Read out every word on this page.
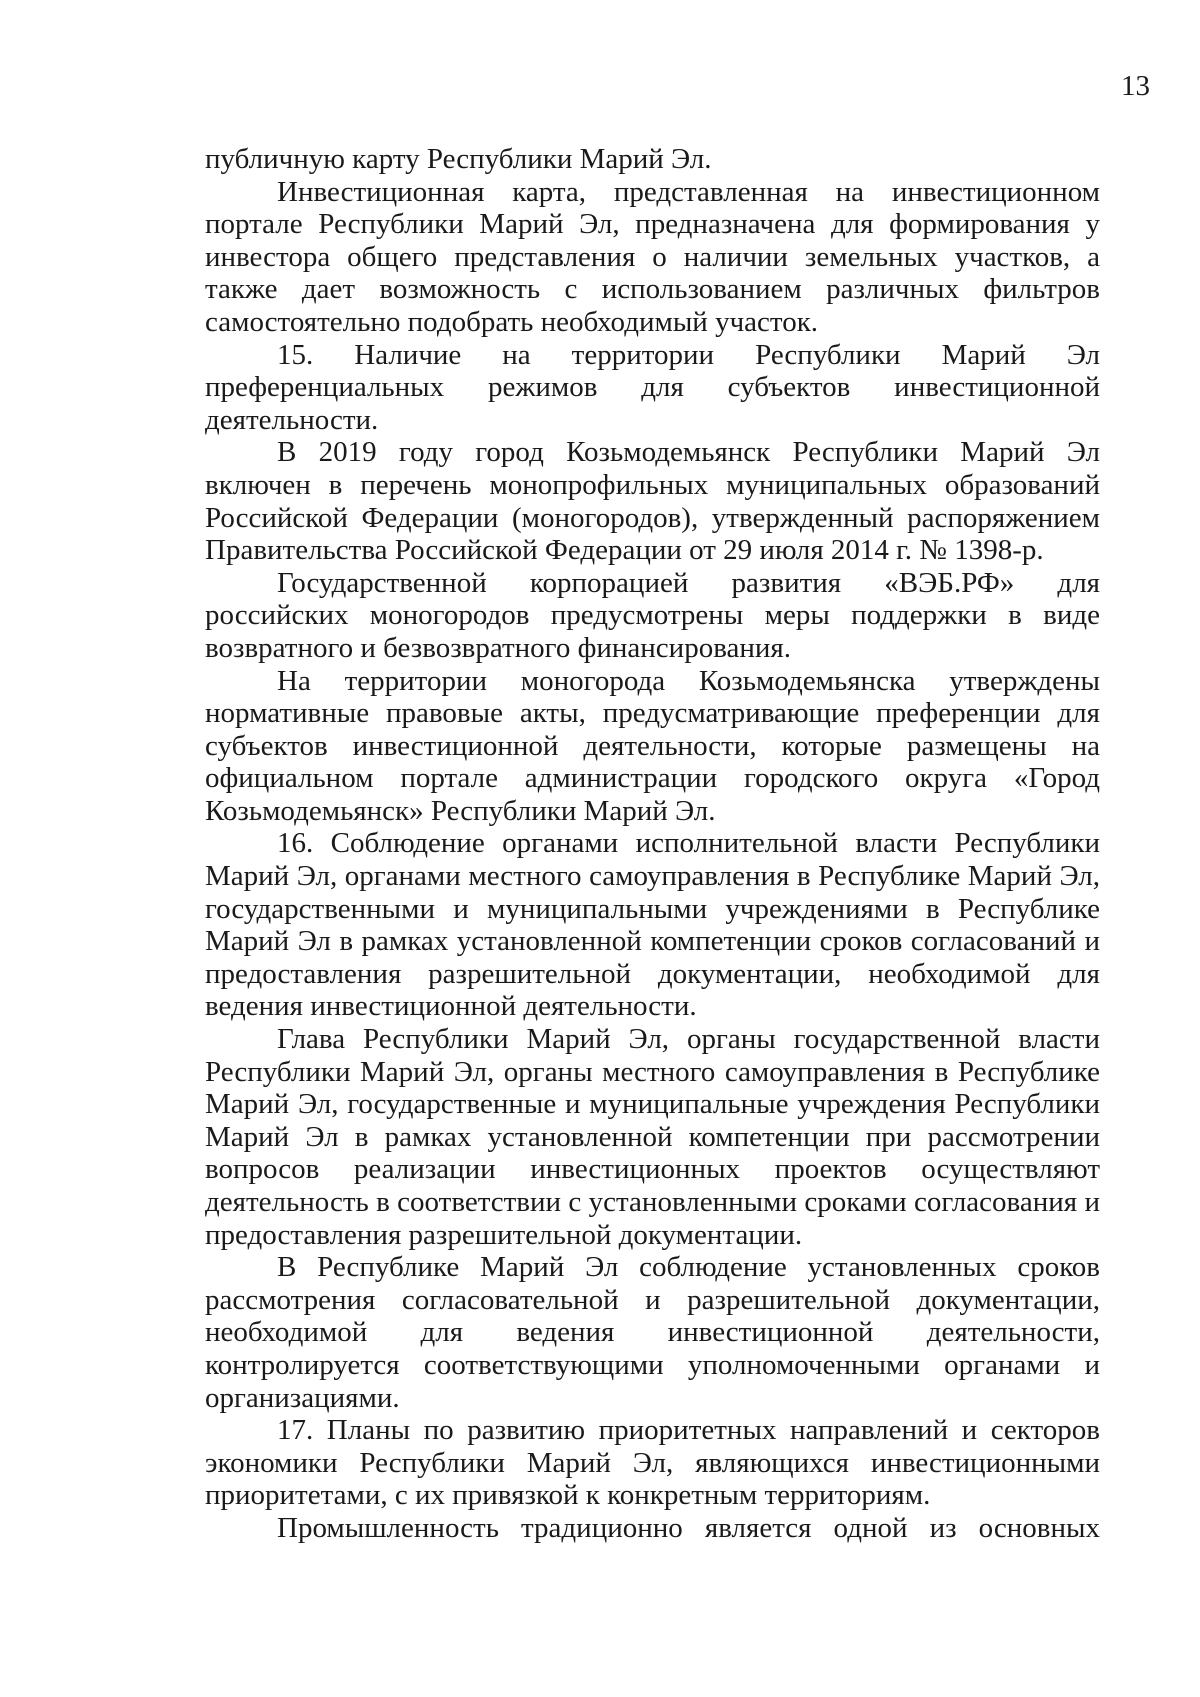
13

публичную карту Республики Марий Эл.

Инвестиционная карта, представленная на инвестиционном портале Республики Марий Эл, предназначена для формирования у инвестора общего представления о наличии земельных участков, а также дает возможность с использованием различных фильтров самостоятельно подобрать необходимый участок.

15. Наличие на территории Республики Марий Эл преференциальных режимов для субъектов инвестиционной деятельности.

В 2019 году город Козьмодемьянск Республики Марий Эл включен в перечень монопрофильных муниципальных образований Российской Федерации (моногородов), утвержденный распоряжением Правительства Российской Федерации от 29 июля 2014 г. № 1398-р.

Государственной корпорацией развития «ВЭБ.РФ» для российских моногородов предусмотрены меры поддержки в виде возвратного и безвозвратного финансирования.

На территории моногорода Козьмодемьянска утверждены нормативные правовые акты, предусматривающие преференции для субъектов инвестиционной деятельности, которые размещены на официальном портале администрации городского округа «Город Козьмодемьянск» Республики Марий Эл.

16. Соблюдение органами исполнительной власти Республики Марий Эл, органами местного самоуправления в Республике Марий Эл, государственными и муниципальными учреждениями в Республике Марий Эл в рамках установленной компетенции сроков согласований и предоставления разрешительной документации, необходимой для ведения инвестиционной деятельности.

Глава Республики Марий Эл, органы государственной власти Республики Марий Эл, органы местного самоуправления в Республике Марий Эл, государственные и муниципальные учреждения Республики Марий Эл в рамках установленной компетенции при рассмотрении вопросов реализации инвестиционных проектов осуществляют деятельность в соответствии с установленными сроками согласования и предоставления разрешительной документации.

В Республике Марий Эл соблюдение установленных сроков рассмотрения согласовательной и разрешительной документации, необходимой для ведения инвестиционной деятельности, контролируется соответствующими уполномоченными органами и организациями.

17. Планы по развитию приоритетных направлений и секторов экономики Республики Марий Эл, являющихся инвестиционными приоритетами, с их привязкой к конкретным территориям.

Промышленность традиционно является одной из основных
